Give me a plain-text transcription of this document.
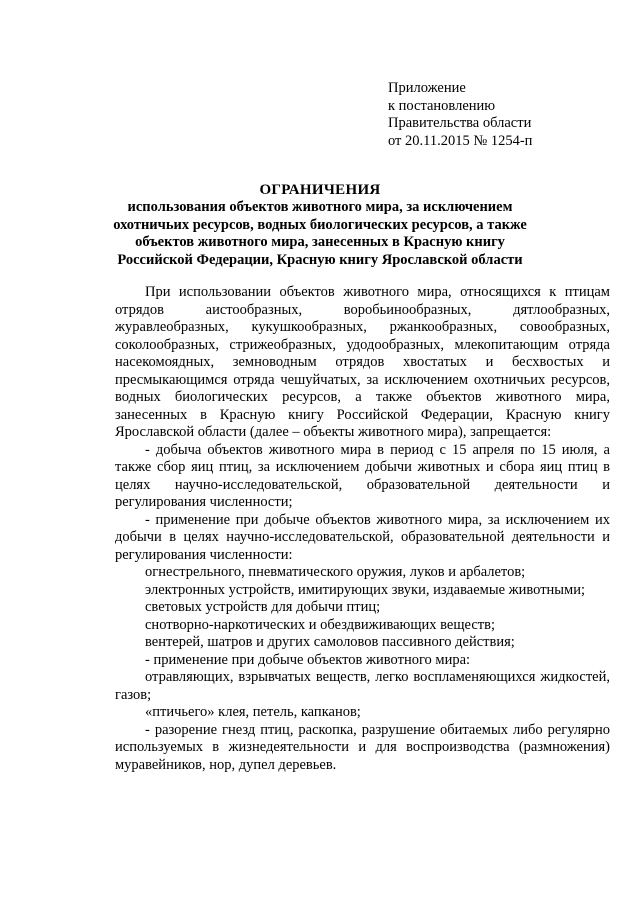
Приложение
к постановлению
Правительства области
от 20.11.2015 № 1254-п
ОГРАНИЧЕНИЯ
использования объектов животного мира, за исключением охотничьих ресурсов, водных биологических ресурсов, а также объектов животного мира, занесенных в Красную книгу Российской Федерации, Красную книгу Ярославской области

При использовании объектов животного мира, относящихся к птицам отрядов аистообразных, воробьинообразных, дятлообразных, журавлеобразных, кукушкообразных, ржанкообразных, совообразных, соколообразных, стрижеобразных, удодообразных, млекопитающим отряда насекомоядных, земноводным отрядов хвостатых и бесхвостых и пресмыкающимся отряда чешуйчатых, за исключением охотничьих ресурсов, водных биологических ресурсов, а также объектов животного мира, занесенных в Красную книгу Российской Федерации, Красную книгу Ярославской области (далее – объекты животного мира), запрещается:

- добыча объектов животного мира в период с 15 апреля по 15 июля, а также сбор яиц птиц, за исключением добычи животных и сбора яиц птиц в целях научно-исследовательской, образовательной деятельности и регулирования численности;

- применение при добыче объектов животного мира, за исключением их добычи в целях научно-исследовательской, образовательной деятельности и регулирования численности:

огнестрельного, пневматического оружия, луков и арбалетов;

электронных устройств, имитирующих звуки, издаваемые животными;

световых устройств для добычи птиц;

снотворно-наркотических и обездвиживающих веществ;

вентерей, шатров и других самоловов пассивного действия;

- применение при добыче объектов животного мира:

отравляющих, взрывчатых веществ, легко воспламеняющихся жидкостей, газов;

«птичьего» клея, петель, капканов;

- разорение гнезд птиц, раскопка, разрушение обитаемых либо регулярно используемых в жизнедеятельности и для воспроизводства (размножения) муравейников, нор, дупел деревьев.
